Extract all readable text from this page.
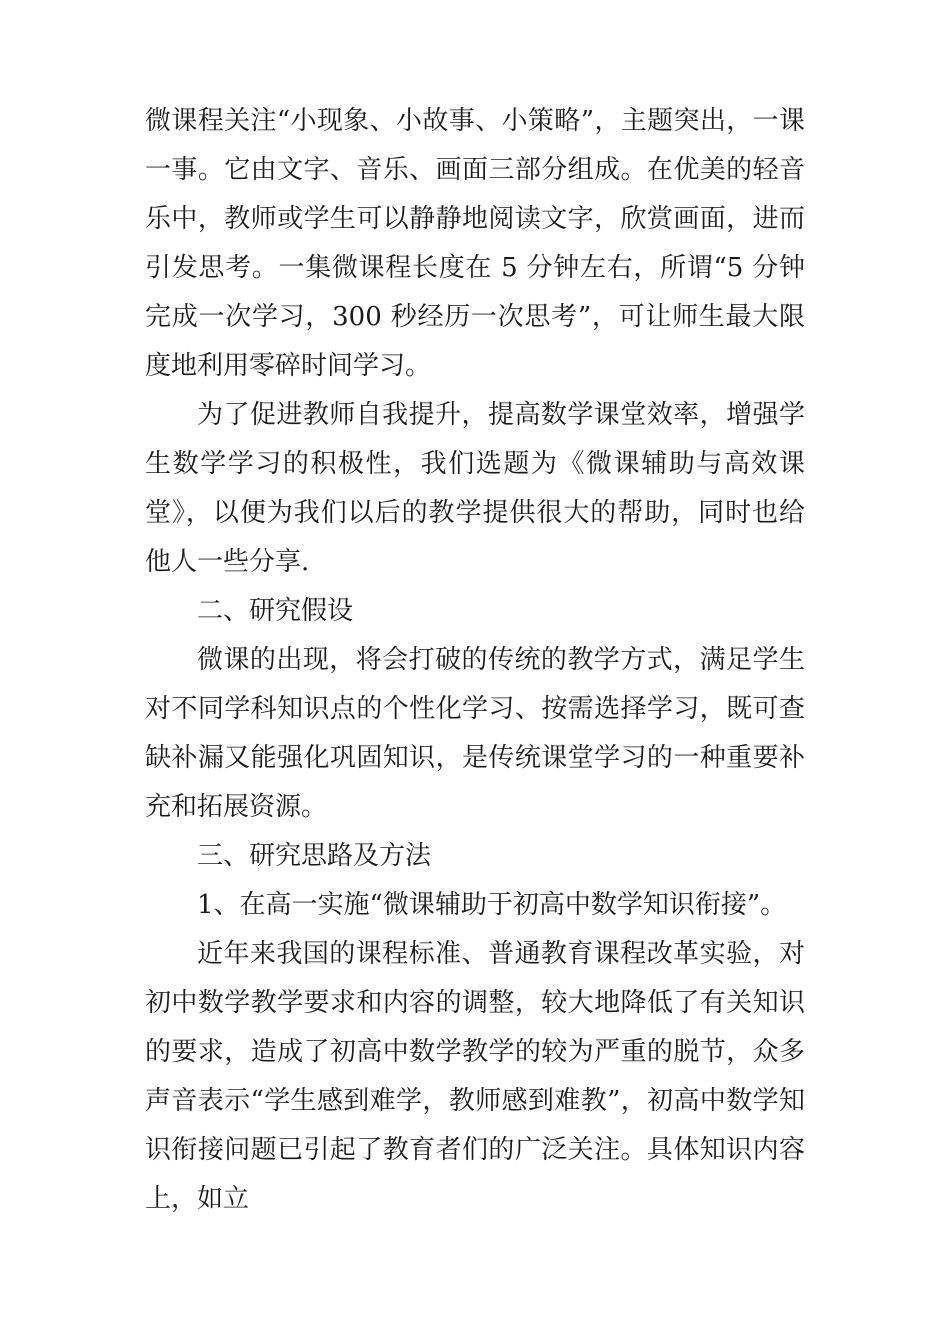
微课程关注“小现象、小故事、小策略”，主题突出，一课一事。它由文字、音乐、画面三部分组成。在优美的轻音乐中，教师或学生可以静静地阅读文字，欣赏画面，进而引发思考。一集微课程长度在 5 分钟左右，所谓“5 分钟完成一次学习，300 秒经历一次思考”，可让师生最大限度地利用零碎时间学习。

为了促进教师自我提升，提高数学课堂效率，增强学生数学学习的积极性，我们选题为《微课辅助与高效课堂》，以便为我们以后的教学提供很大的帮助，同时也给他人一些分享.

二、研究假设

微课的出现，将会打破的传统的教学方式，满足学生对不同学科知识点的个性化学习、按需选择学习，既可查缺补漏又能强化巩固知识，是传统课堂学习的一种重要补充和拓展资源。

三、研究思路及方法

1、在高一实施“微课辅助于初高中数学知识衔接”。

近年来我国的课程标准、普通教育课程改革实验，对初中数学教学要求和内容的调整，较大地降低了有关知识的要求，造成了初高中数学教学的较为严重的脱节，众多声音表示“学生感到难学，教师感到难教”，初高中数学知识衔接问题已引起了教育者们的广泛关注。具体知识内容上，如立
